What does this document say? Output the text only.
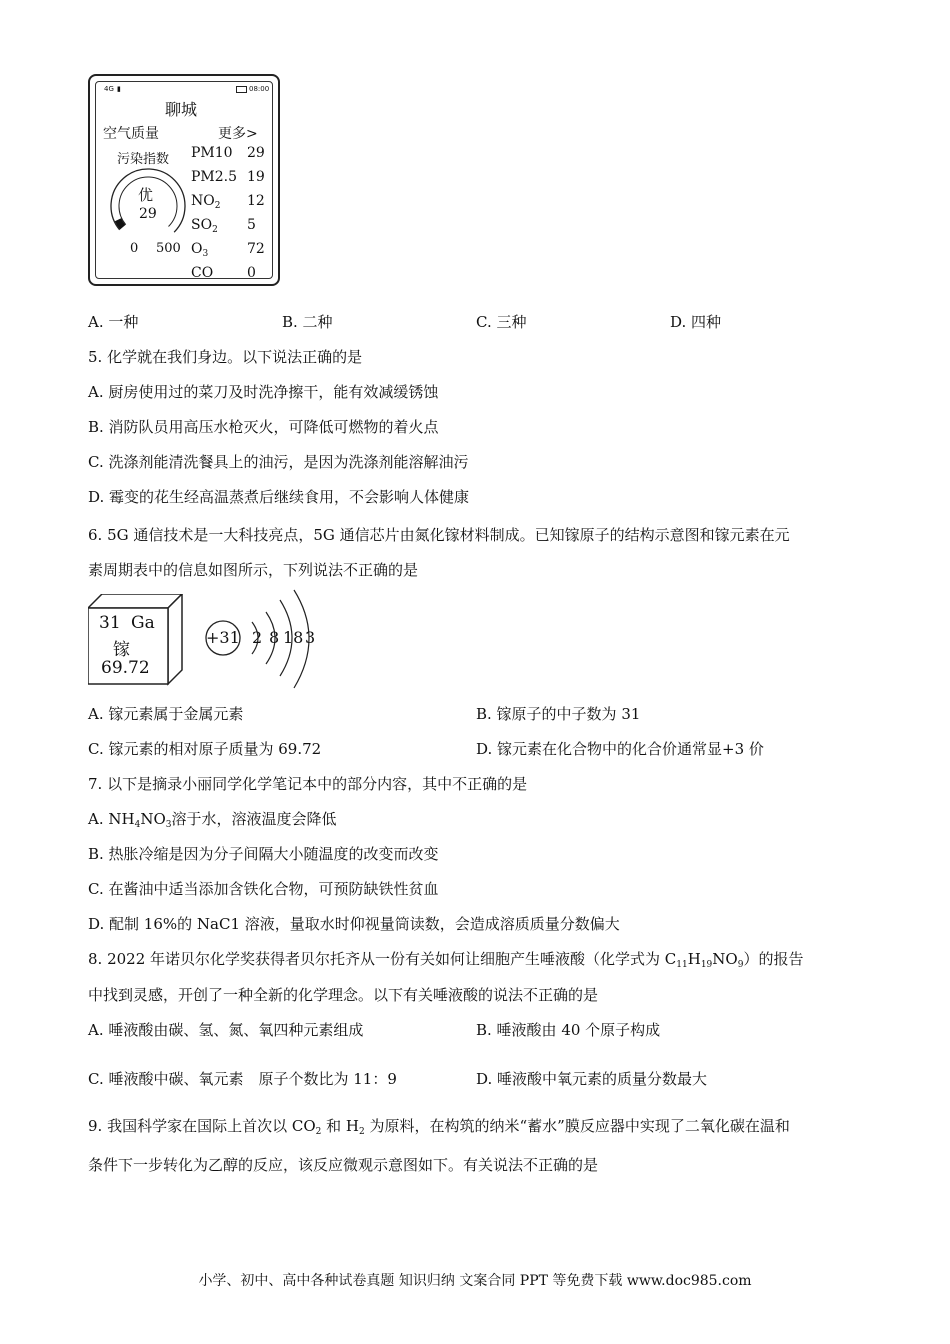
4G ▮	08:00
聊城
空气质量	更多>
污染指数
优
29
0 500
PM10 29
PM2.5 19
$NO_2$ 12
$SO_2$ 5
$O_3$	72
CO 0
A. 一种	B. 二种	C. 三种	D. 四种
5. 化学就在我们身边。以下说法正确的是
A. 厨房使用过的菜刀及时洗净擦干，能有效减缓锈蚀
B. 消防队员用高压水枪灭火，可降低可燃物的着火点
C. 洗涤剂能清洗餐具上的油污，是因为洗涤剂能溶解油污
D. 霉变的花生经高温蒸煮后继续食用，不会影响人体健康
6. 5G 通信技术是一大科技亮点，5G 通信芯片由氮化镓材料制成。已知镓原子的结构示意图和镓元素在元
素周期表中的信息如图所示，下列说法不正确的是
31 Ga
镓
69.72
+31 2 8 18 3
A. 镓元素属于金属元素	B. 镓原子的中子数为 31
C. 镓元素的相对原子质量为 69.72	D. 镓元素在化合物中的化合价通常显+3 价
7. 以下是摘录小丽同学化学笔记本中的部分内容，其中不正确的是
A. $NH_4NO_3$溶于水，溶液温度会降低
B. 热胀冷缩是因为分子间隔大小随温度的改变而改变
C. 在酱油中适当添加含铁化合物，可预防缺铁性贫血
D. 配制 16%的 NaC1 溶液，量取水时仰视量筒读数，会造成溶质质量分数偏大
8. 2022 年诺贝尔化学奖获得者贝尔托齐从一份有关如何让细胞产生唾液酸（化学式为 $C_{11}H_{19}NO_9$）的报告
中找到灵感，开创了一种全新的化学理念。以下有关唾液酸的说法不正确的是
A. 唾液酸由碳、氢、氮、氧四种元素组成	B. 唾液酸由 40 个原子构成
C. 唾液酸中碳、氧元素　原子个数比为 11：9	D. 唾液酸中氧元素的质量分数最大
9. 我国科学家在国际上首次以 $CO_2$ 和 $H_2$ 为原料，在构筑的纳米“蓄水”膜反应器中实现了二氧化碳在温和
条件下一步转化为乙醇的反应，该反应微观示意图如下。有关说法不正确的是
小学、初中、高中各种试卷真题 知识归纳 文案合同 PPT 等免费下载 www.doc985.com
